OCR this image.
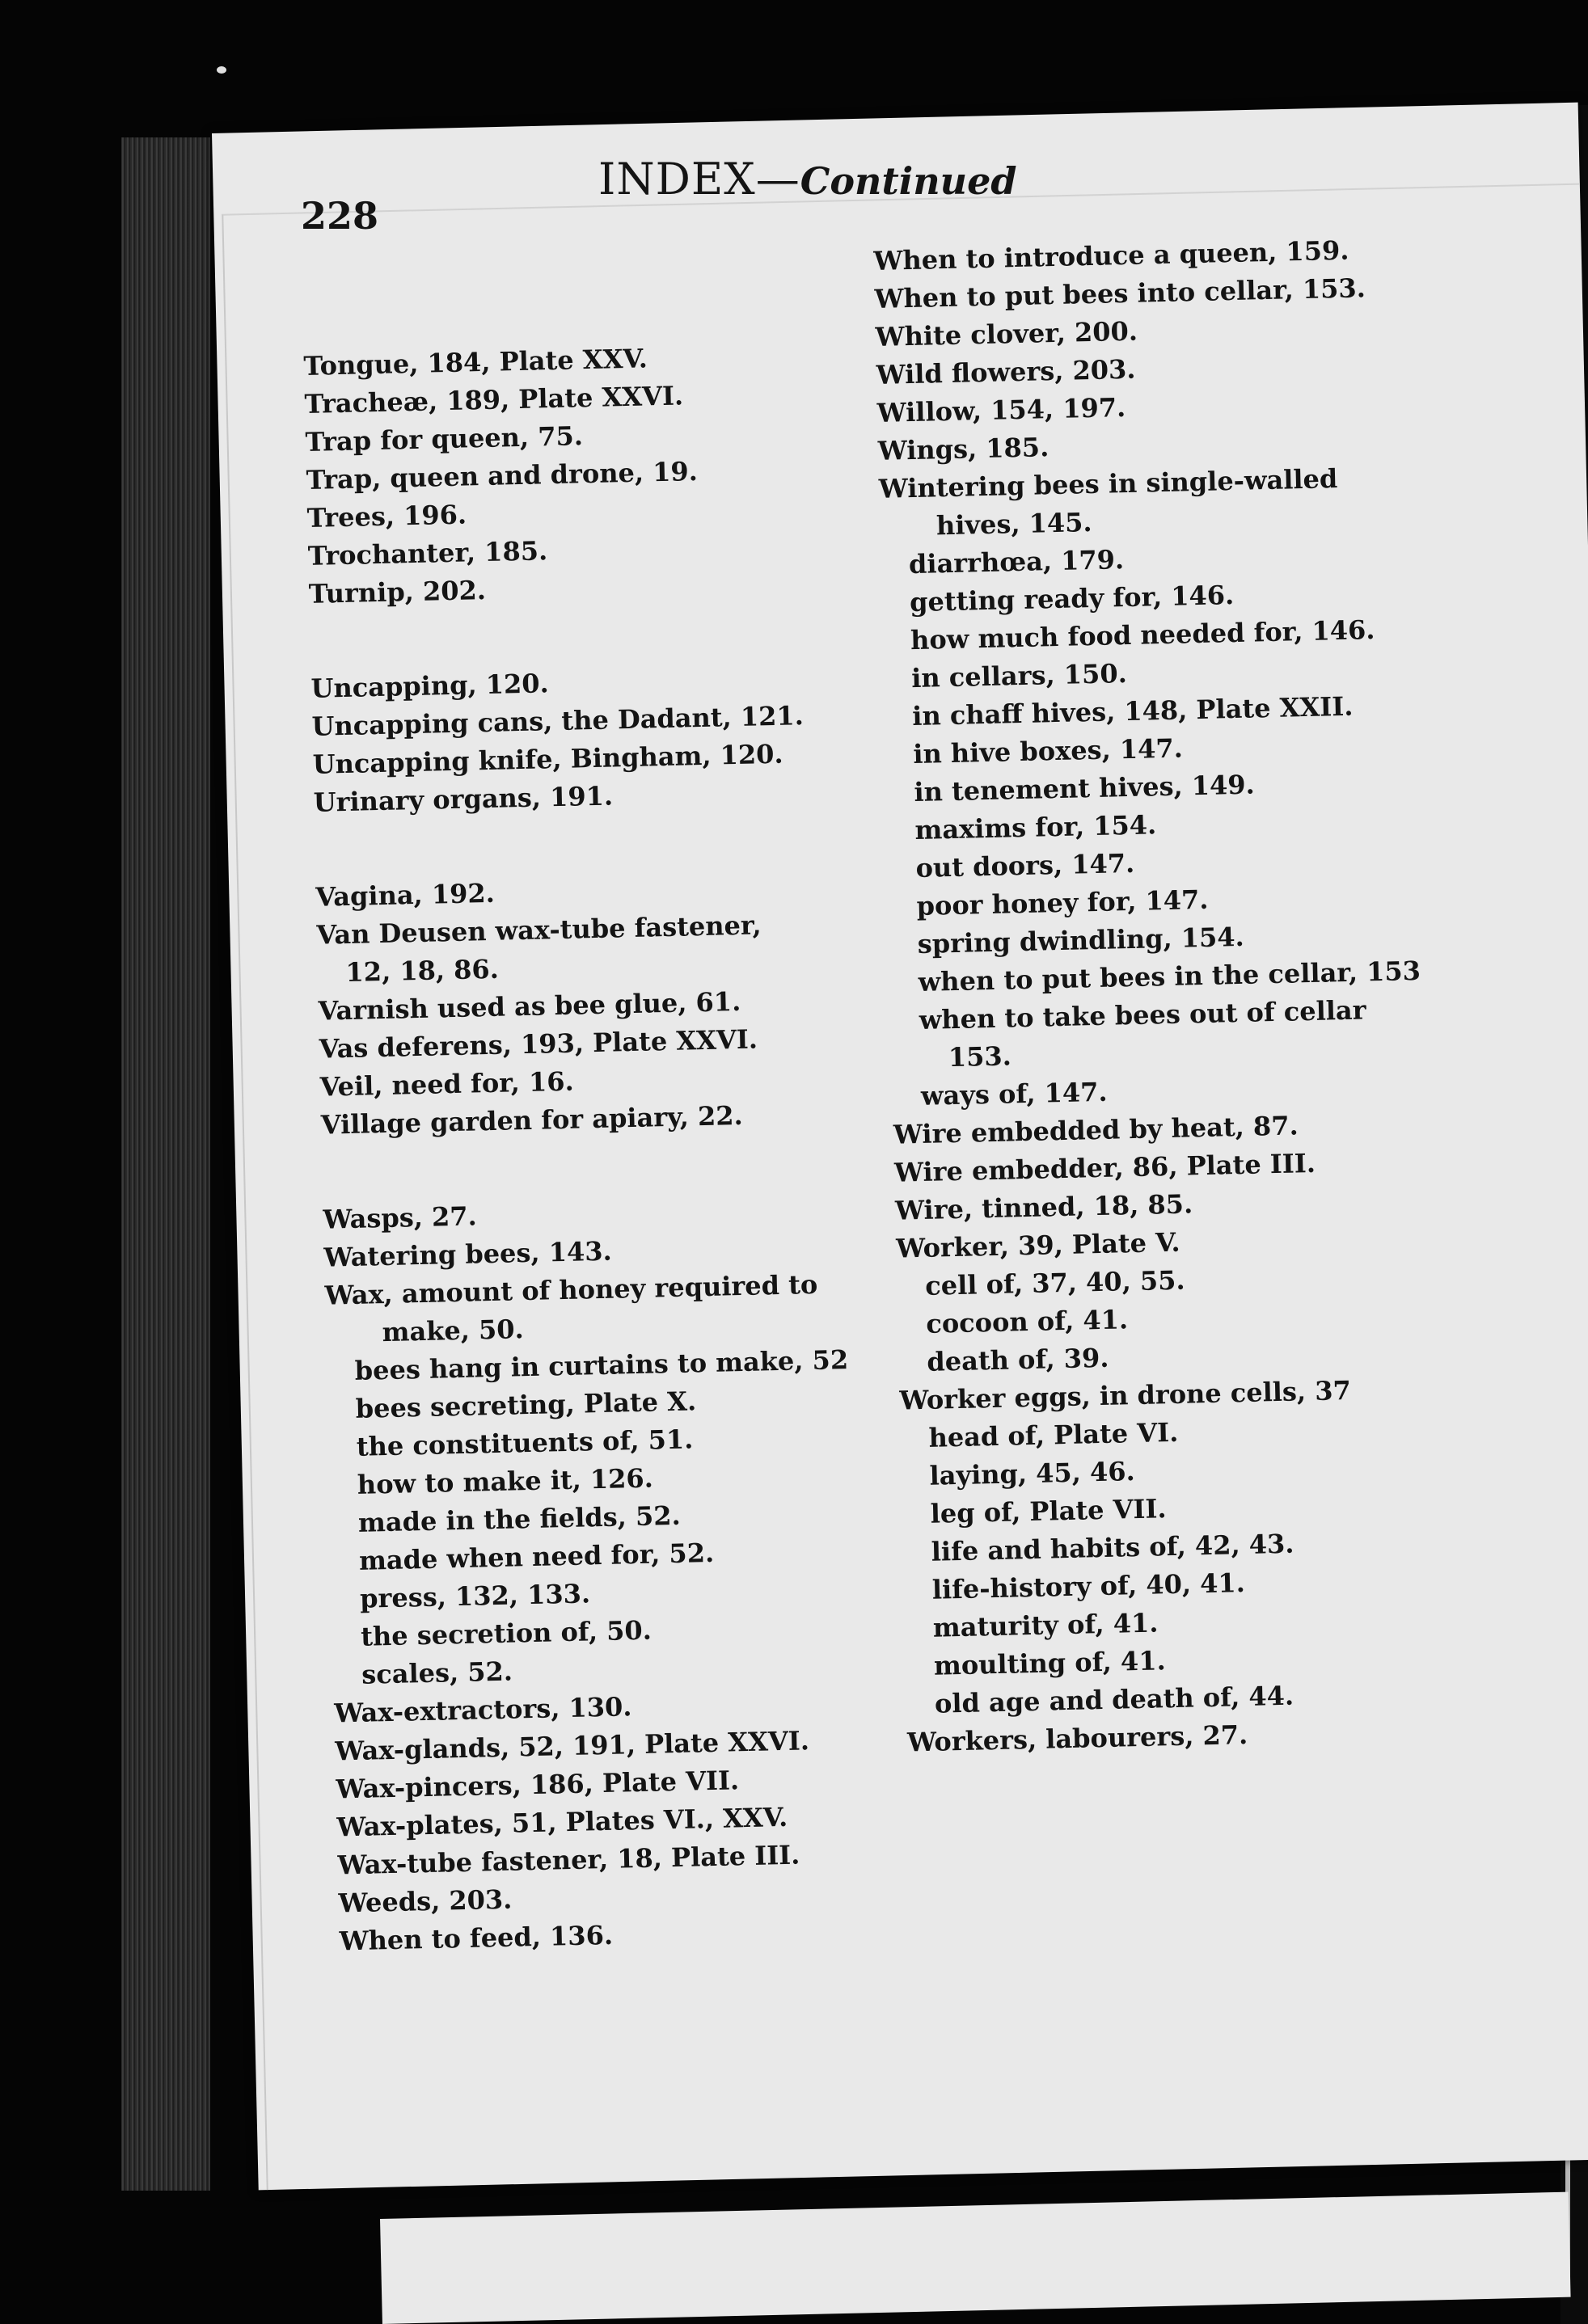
228
INDEX—Continued
Tongue, 184, Plate XXV.
Tracheæ, 189, Plate XXVI.
Trap for queen, 75.
Trap, queen and drone, 19.
Trees, 196.
Trochanter, 185.
Turnip, 202.
Uncapping, 120.
Uncapping cans, the Dadant, 121.
Uncapping knife, Bingham, 120.
Urinary organs, 191.
Vagina, 192.
Van Deusen wax-tube fastener,
12, 18, 86.
Varnish used as bee glue, 61.
Vas deferens, 193, Plate XXVI.
Veil, need for, 16.
Village garden for apiary, 22.
Wasps, 27.
Watering bees, 143.
Wax, amount of honey required to
make, 50.
bees hang in curtains to make, 52
bees secreting, Plate X.
the constituents of, 51.
how to make it, 126.
made in the fields, 52.
made when need for, 52.
press, 132, 133.
the secretion of, 50.
scales, 52.
Wax-extractors, 130.
Wax-glands, 52, 191, Plate XXVI.
Wax-pincers, 186, Plate VII.
Wax-plates, 51, Plates VI., XXV.
Wax-tube fastener, 18, Plate III.
Weeds, 203.
When to feed, 136.
When to introduce a queen, 159.
When to put bees into cellar, 153.
White clover, 200.
Wild flowers, 203.
Willow, 154, 197.
Wings, 185.
Wintering bees in single-walled
hives, 145.
diarrhœa, 179.
getting ready for, 146.
how much food needed for, 146.
in cellars, 150.
in chaff hives, 148, Plate XXII.
in hive boxes, 147.
in tenement hives, 149.
maxims for, 154.
out doors, 147.
poor honey for, 147.
spring dwindling, 154.
when to put bees in the cellar, 153
when to take bees out of cellar
153.
ways of, 147.
Wire embedded by heat, 87.
Wire embedder, 86, Plate III.
Wire, tinned, 18, 85.
Worker, 39, Plate V.
cell of, 37, 40, 55.
cocoon of, 41.
death of, 39.
Worker eggs, in drone cells, 37
head of, Plate VI.
laying, 45, 46.
leg of, Plate VII.
life and habits of, 42, 43.
life-history of, 40, 41.
maturity of, 41.
moulting of, 41.
old age and death of, 44.
Workers, labourers, 27.
